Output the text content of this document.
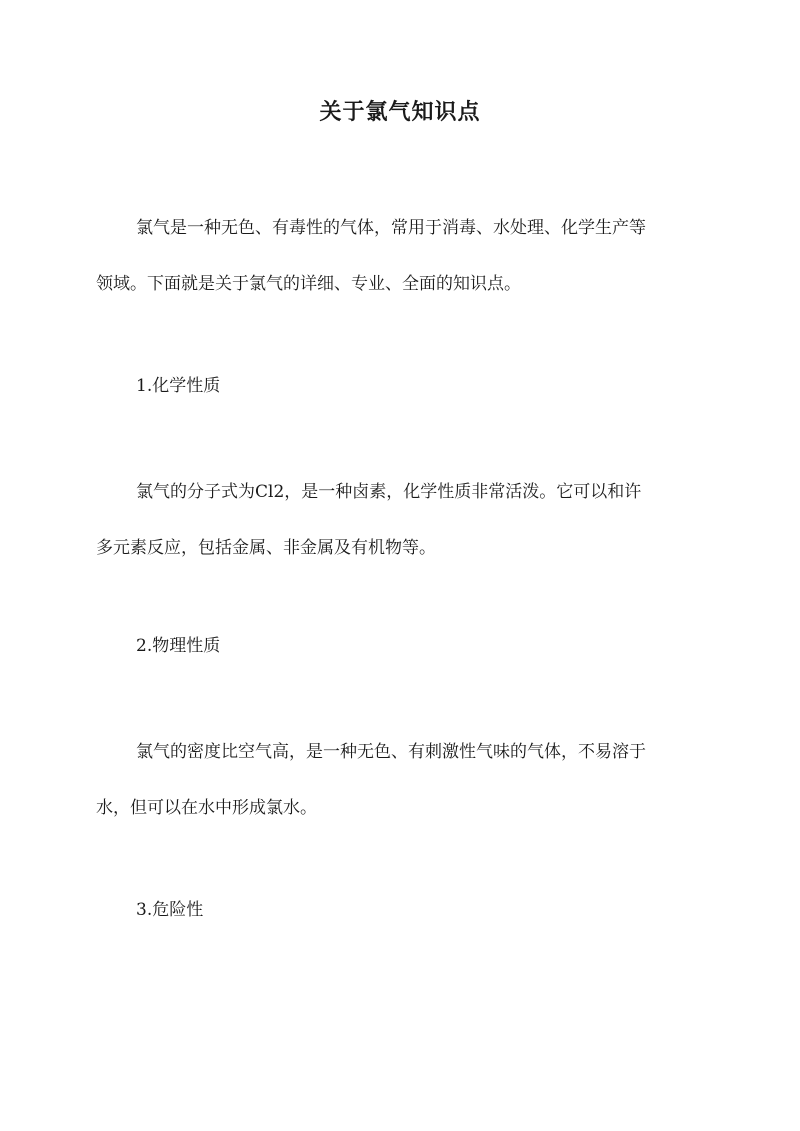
关于氯气知识点
氯气是一种无色、有毒性的气体，常用于消毒、水处理、化学生产等
领域。下面就是关于氯气的详细、专业、全面的知识点。
1.化学性质
氯气的分子式为Cl2，是一种卤素，化学性质非常活泼。它可以和许
多元素反应，包括金属、非金属及有机物等。
2.物理性质
氯气的密度比空气高，是一种无色、有刺激性气味的气体，不易溶于
水，但可以在水中形成氯水。
3.危险性
